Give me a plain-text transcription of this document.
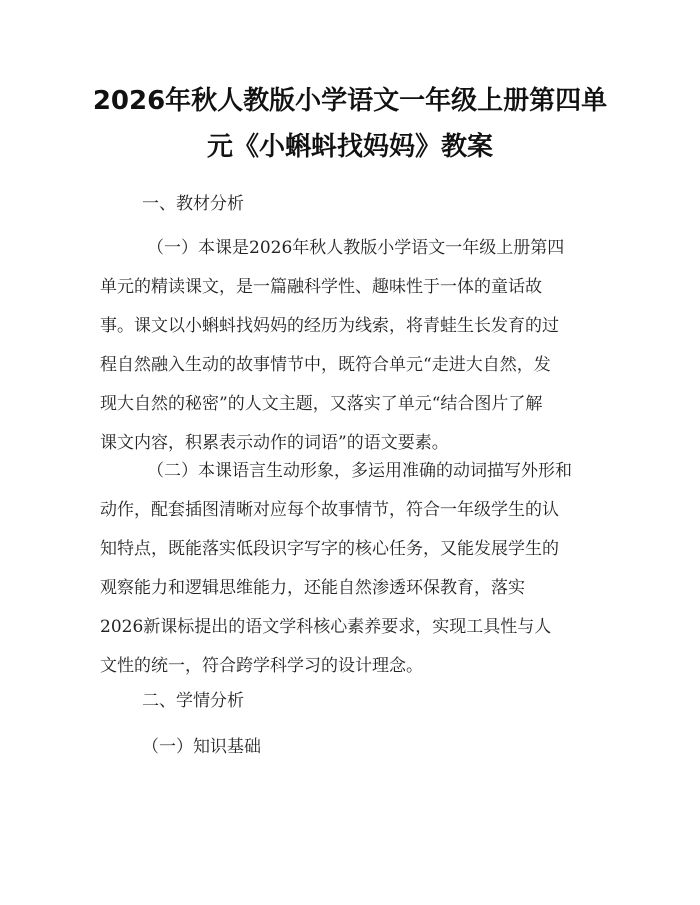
2026年秋人教版小学语文一年级上册第四单
元《小蝌蚪找妈妈》教案
一、教材分析
（一）本课是2026年秋人教版小学语文一年级上册第四
单元的精读课文，是一篇融科学性、趣味性于一体的童话故
事。课文以小蝌蚪找妈妈的经历为线索，将青蛙生长发育的过
程自然融入生动的故事情节中，既符合单元“走进大自然，发
现大自然的秘密”的人文主题，又落实了单元“结合图片了解
课文内容，积累表示动作的词语”的语文要素。
（二）本课语言生动形象，多运用准确的动词描写外形和
动作，配套插图清晰对应每个故事情节，符合一年级学生的认
知特点，既能落实低段识字写字的核心任务，又能发展学生的
观察能力和逻辑思维能力，还能自然渗透环保教育，落实
2026新课标提出的语文学科核心素养要求，实现工具性与人
文性的统一，符合跨学科学习的设计理念。
二、学情分析
（一）知识基础
